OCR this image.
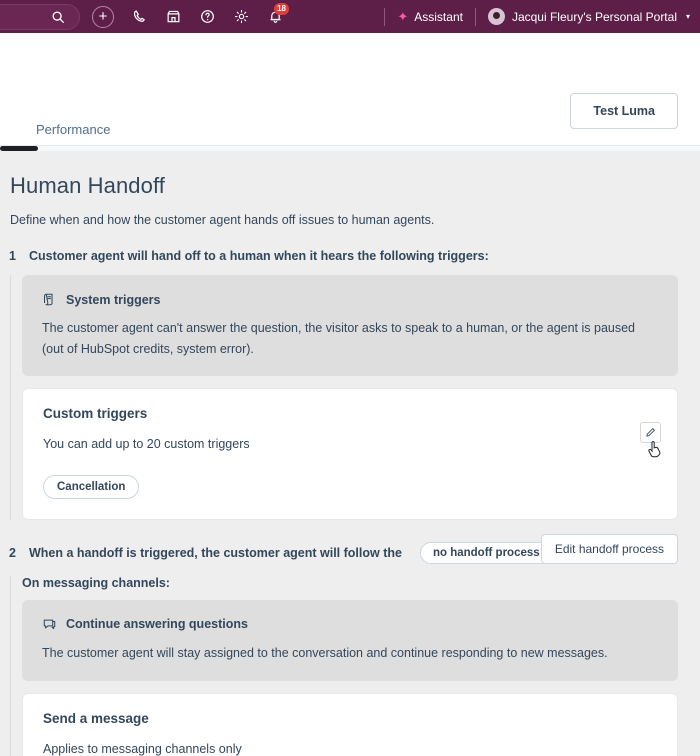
+	18
✦ Assistant	Jacqui Fleury's Personal Portal ▾
Test Luma
Performance
Human Handoff
Define when and how the customer agent hands off issues to human agents.
1 Customer agent will hand off to a human when it hears the following triggers:
System triggers
The customer agent can't answer the question, the visitor asks to speak to a human, or the agent is paused (out of HubSpot credits, system error).
Custom triggers
You can add up to 20 custom triggers
Cancellation
2 When a handoff is triggered, the customer agent will follow the	no handoff process	Edit handoff process
On messaging channels:
Continue answering questions
The customer agent will stay assigned to the conversation and continue responding to new messages.
Send a message
Applies to messaging channels only
